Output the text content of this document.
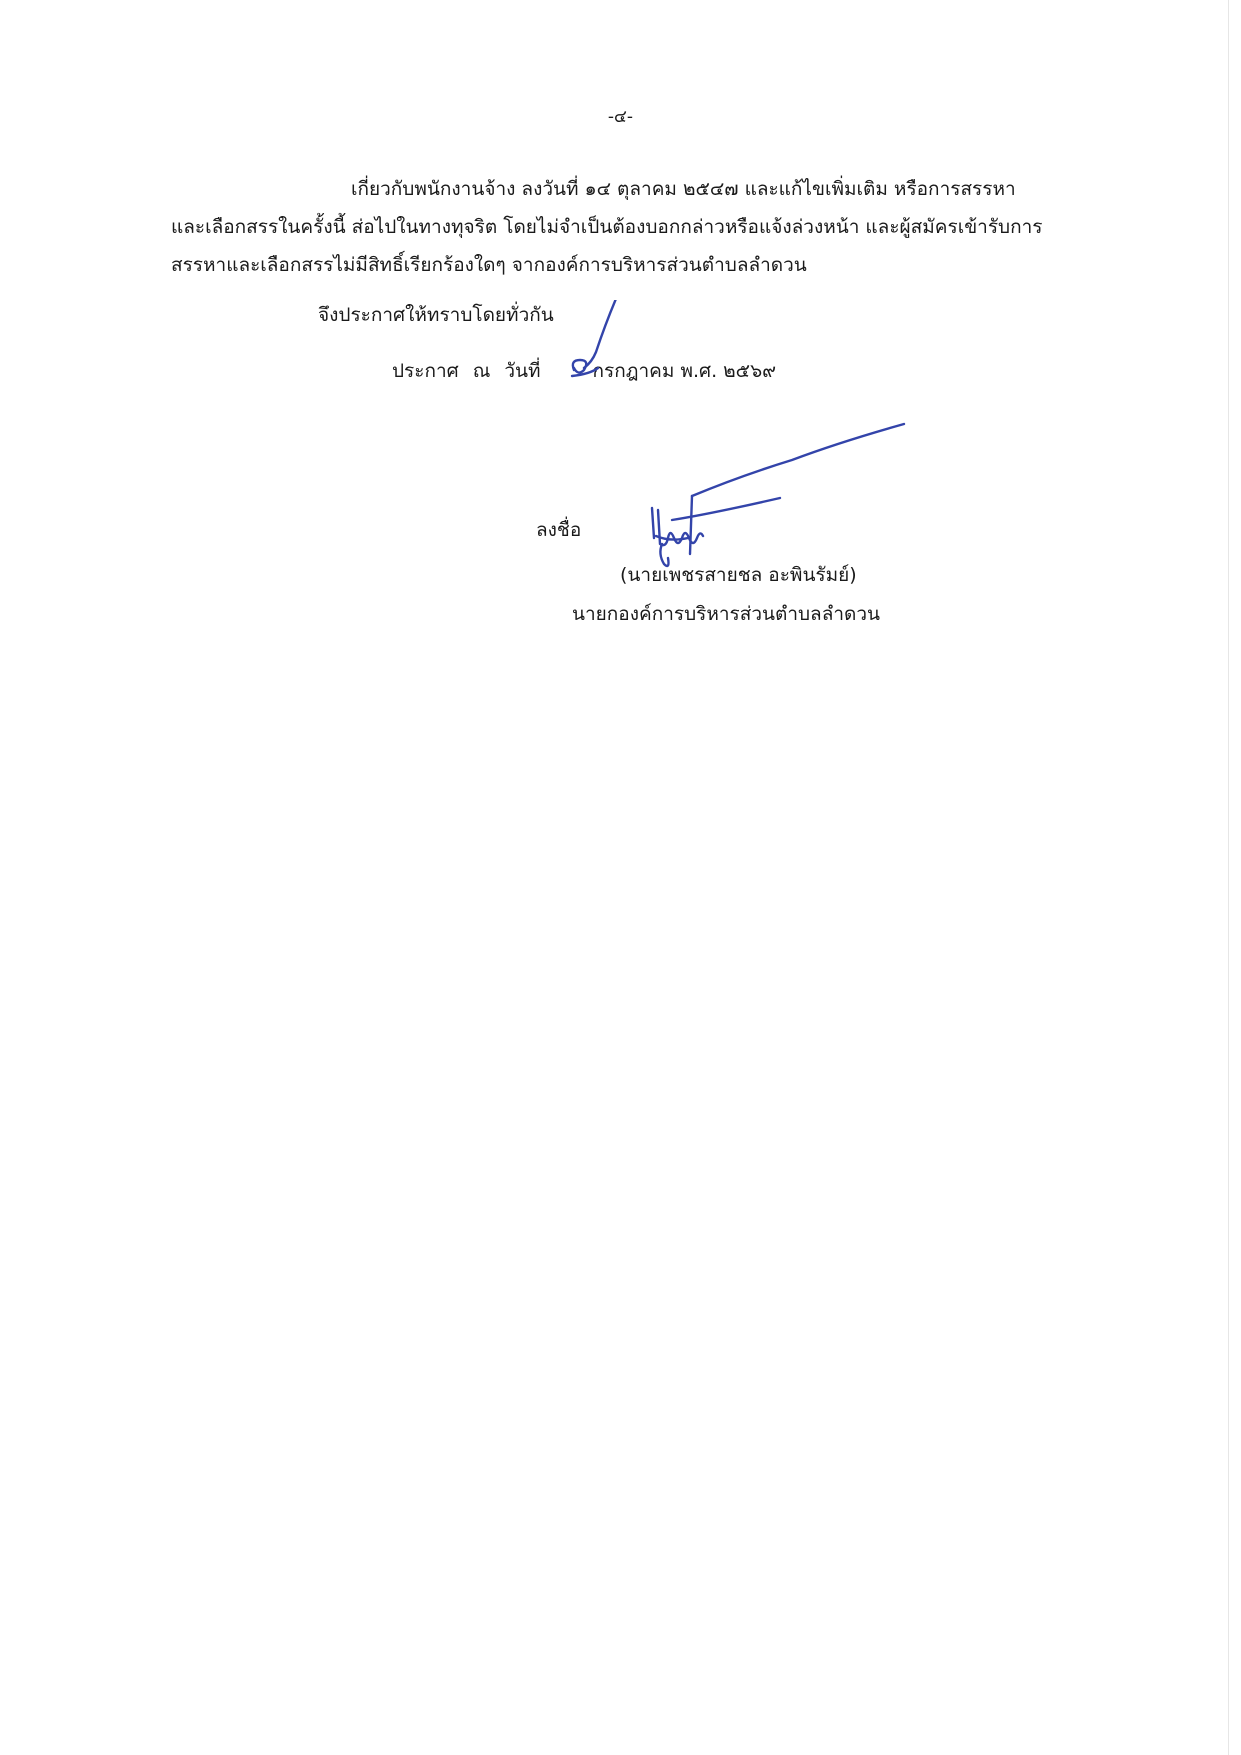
-๔-
เกี่ยวกับพนักงานจ้าง ลงวันที่ ๑๔ ตุลาคม ๒๕๔๗ และแก้ไขเพิ่มเติม หรือการสรรหา
และเลือกสรรในครั้งนี้ ส่อไปในทางทุจริต โดยไม่จำเป็นต้องบอกกล่าวหรือแจ้งล่วงหน้า และผู้สมัครเข้ารับการ
สรรหาและเลือกสรรไม่มีสิทธิ์เรียกร้องใดๆ จากองค์การบริหารส่วนตำบลลำดวน
จึงประกาศให้ทราบโดยทั่วกัน
ประกาศ ณ วันที่	กรกฎาคม พ.ศ. ๒๕๖๙
ลงชื่อ
(นายเพชรสายชล อะพินรัมย์)
นายกองค์การบริหารส่วนตำบลลำดวน
